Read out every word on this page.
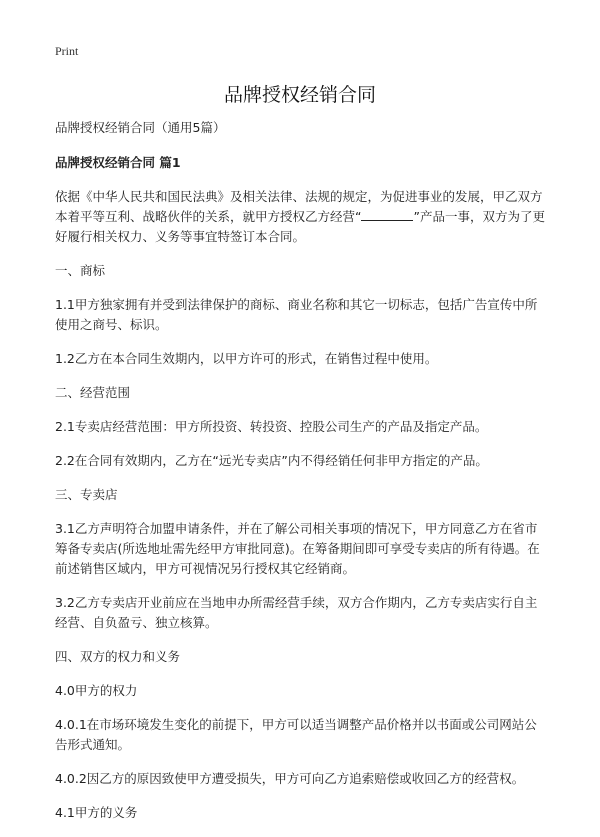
Print
品牌授权经销合同

品牌授权经销合同（通用5篇）

品牌授权经销合同 篇1

依据《中华人民共和国民法典》及相关法律、法规的规定，为促进事业的发展，甲乙双方本着平等互利、战略伙伴的关系，就甲方授权乙方经营“	”产品一事，双方为了更好履行相关权力、义务等事宜特签订本合同。

一、商标

1.1甲方独家拥有并受到法律保护的商标、商业名称和其它一切标志，包括广告宣传中所使用之商号、标识。

1.2乙方在本合同生效期内，以甲方许可的形式，在销售过程中使用。

二、经营范围

2.1专卖店经营范围：甲方所投资、转投资、控股公司生产的产品及指定产品。

2.2在合同有效期内，乙方在“远光专卖店”内不得经销任何非甲方指定的产品。

三、专卖店

3.1乙方声明符合加盟申请条件，并在了解公司相关事项的情况下，甲方同意乙方在省市筹备专卖店(所选地址需先经甲方审批同意)。在筹备期间即可享受专卖店的所有待遇。在前述销售区域内，甲方可视情况另行授权其它经销商。

3.2乙方专卖店开业前应在当地申办所需经营手续，双方合作期内，乙方专卖店实行自主经营、自负盈亏、独立核算。

四、双方的权力和义务

4.0甲方的权力

4.0.1在市场环境发生变化的前提下，甲方可以适当调整产品价格并以书面或公司网站公告形式通知。

4.0.2因乙方的原因致使甲方遭受损失，甲方可向乙方追索赔偿或收回乙方的经营权。

4.1甲方的义务
